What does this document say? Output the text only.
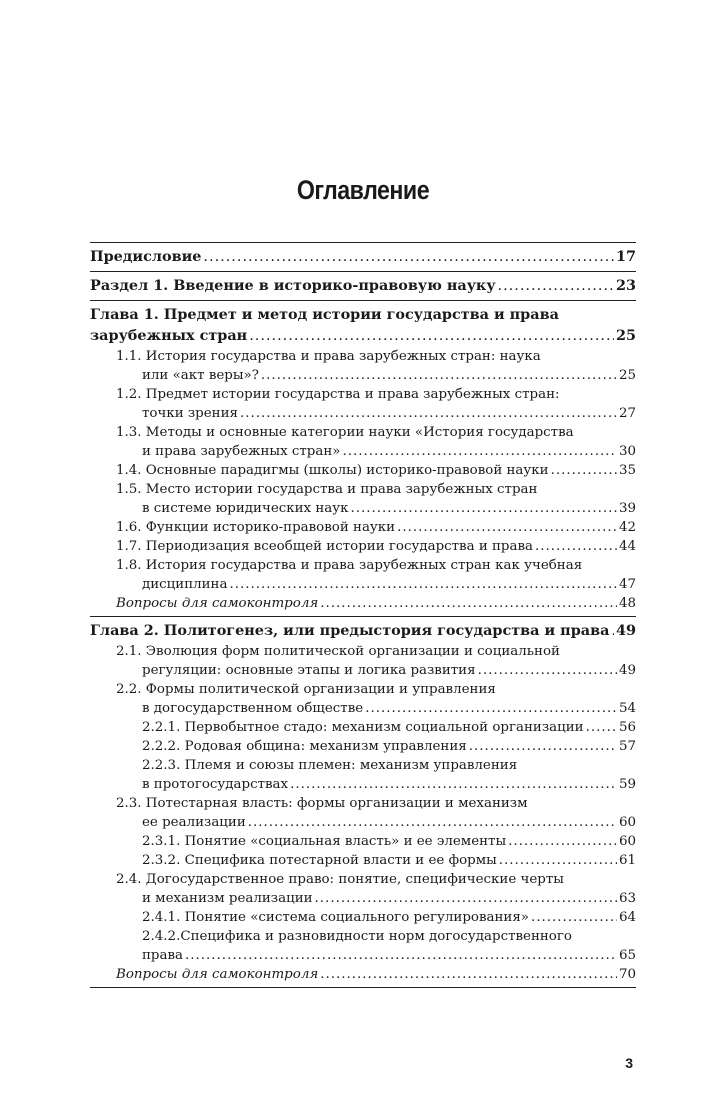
Оглавление
Предисловие .....	17
Раздел 1. Введение в историко-правовую науку .....	23
Глава 1. Предмет и метод истории государства и права
зарубежных стран .....	25
1.1. История государства и права зарубежных стран: наука
или «акт веры»? .....	25
1.2. Предмет истории государства и права зарубежных стран:
точки зрения .....	27
1.3. Методы и основные категории науки «История государства
и права зарубежных стран» .....	30
1.4. Основные парадигмы (школы) историко-правовой науки .....	35
1.5. Место истории государства и права зарубежных стран
в системе юридических наук .....	39
1.6. Функции историко-правовой науки .....	42
1.7. Периодизация всеобщей истории государства и права .....	44
1.8. История государства и права зарубежных стран как учебная
дисциплина .....	47
Вопросы для самоконтроля .....	48
Глава 2. Политогенез, или предыстория государства и права ..... 49
2.1. Эволюция форм политической организации и социальной
регуляции: основные этапы и логика развития .....	49
2.2. Формы политической организации и управления
в догосударственном обществе .....	54
2.2.1. Первобытное стадо: механизм социальной организации .....	56
2.2.2. Родовая община: механизм управления .....	57
2.2.3. Племя и союзы племен: механизм управления
в протогосударствах .....	59
2.3. Потестарная власть: формы организации и механизм
ее реализации .....	60
2.3.1. Понятие «социальная власть» и ее элементы .....	60
2.3.2. Специфика потестарной власти и ее формы .....	61
2.4. Догосударственное право: понятие, специфические черты
и механизм реализации .....	63
2.4.1. Понятие «система социального регулирования» .....	64
2.4.2.Специфика и разновидности норм догосударственного
права .....	65
Вопросы для самоконтроля .....	70
3
